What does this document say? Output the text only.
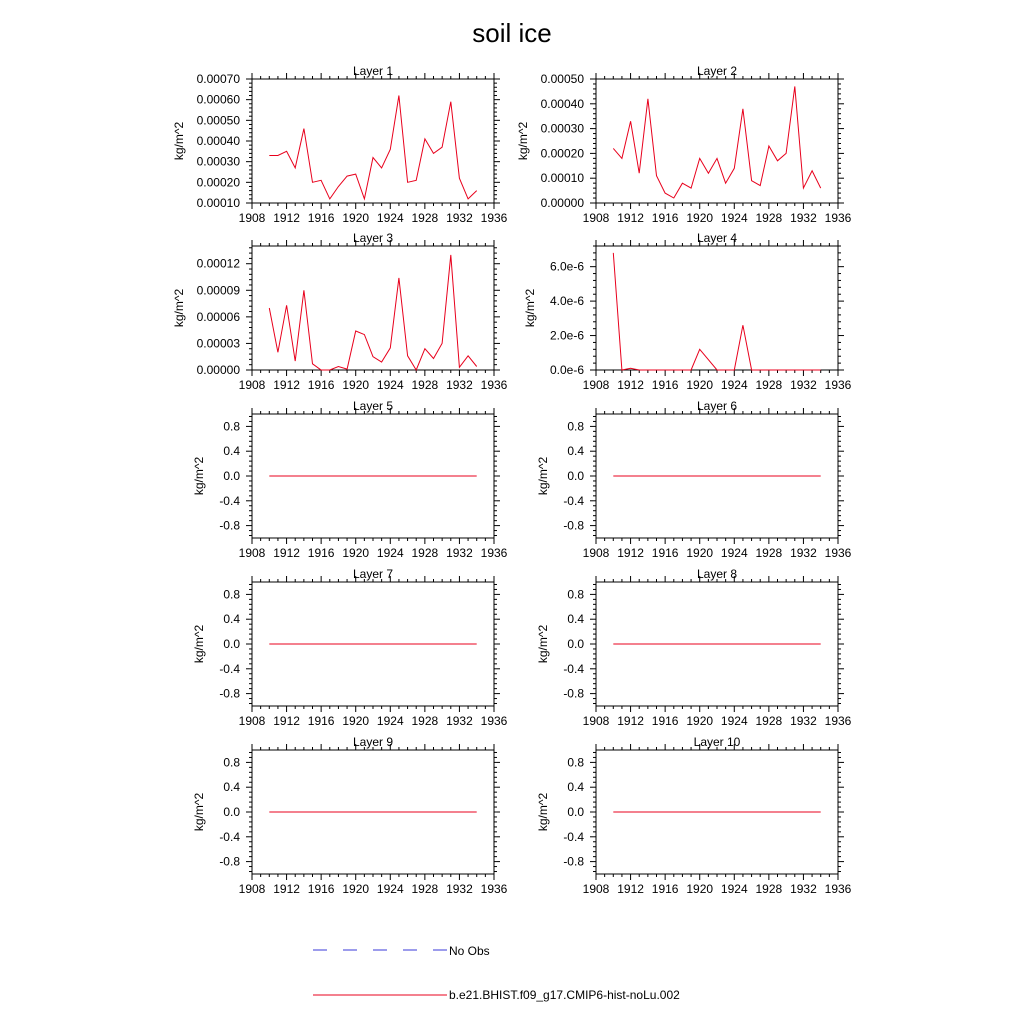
soil ice
Layer 1
1908 1912 1916 1920 1924 1928 1932 1936
0.00010
0.00020
0.00030
0.00040
0.00050
0.00060
0.00070
kg/m^2
Layer 2
1908 1912 1916 1920 1924 1928 1932 1936
0.00000
0.00010
0.00020
0.00030
0.00040
0.00050
kg/m^2
Layer 3
1908 1912 1916 1920 1924 1928 1932 1936
0.00000
0.00003
0.00006
0.00009
0.00012
kg/m^2
Layer 4
1908 1912 1916 1920 1924 1928 1932 1936
0.0e-6
2.0e-6
4.0e-6
6.0e-6
kg/m^2
Layer 5
1908 1912 1916 1920 1924 1928 1932 1936
-0.8
-0.4
0.0
0.4
0.8
kg/m^2
Layer 6
1908 1912 1916 1920 1924 1928 1932 1936
-0.8
-0.4
0.0
0.4
0.8
kg/m^2
Layer 7
1908 1912 1916 1920 1924 1928 1932 1936
-0.8
-0.4
0.0
0.4
0.8
kg/m^2
Layer 8
1908 1912 1916 1920 1924 1928 1932 1936
-0.8
-0.4
0.0
0.4
0.8
kg/m^2
Layer 9
1908 1912 1916 1920 1924 1928 1932 1936
-0.8
-0.4
0.0
0.4
0.8
kg/m^2
Layer 10
1908 1912 1916 1920 1924 1928 1932 1936
-0.8
-0.4
0.0
0.4
0.8
kg/m^2
No Obs
b.e21.BHIST.f09_g17.CMIP6-hist-noLu.002
